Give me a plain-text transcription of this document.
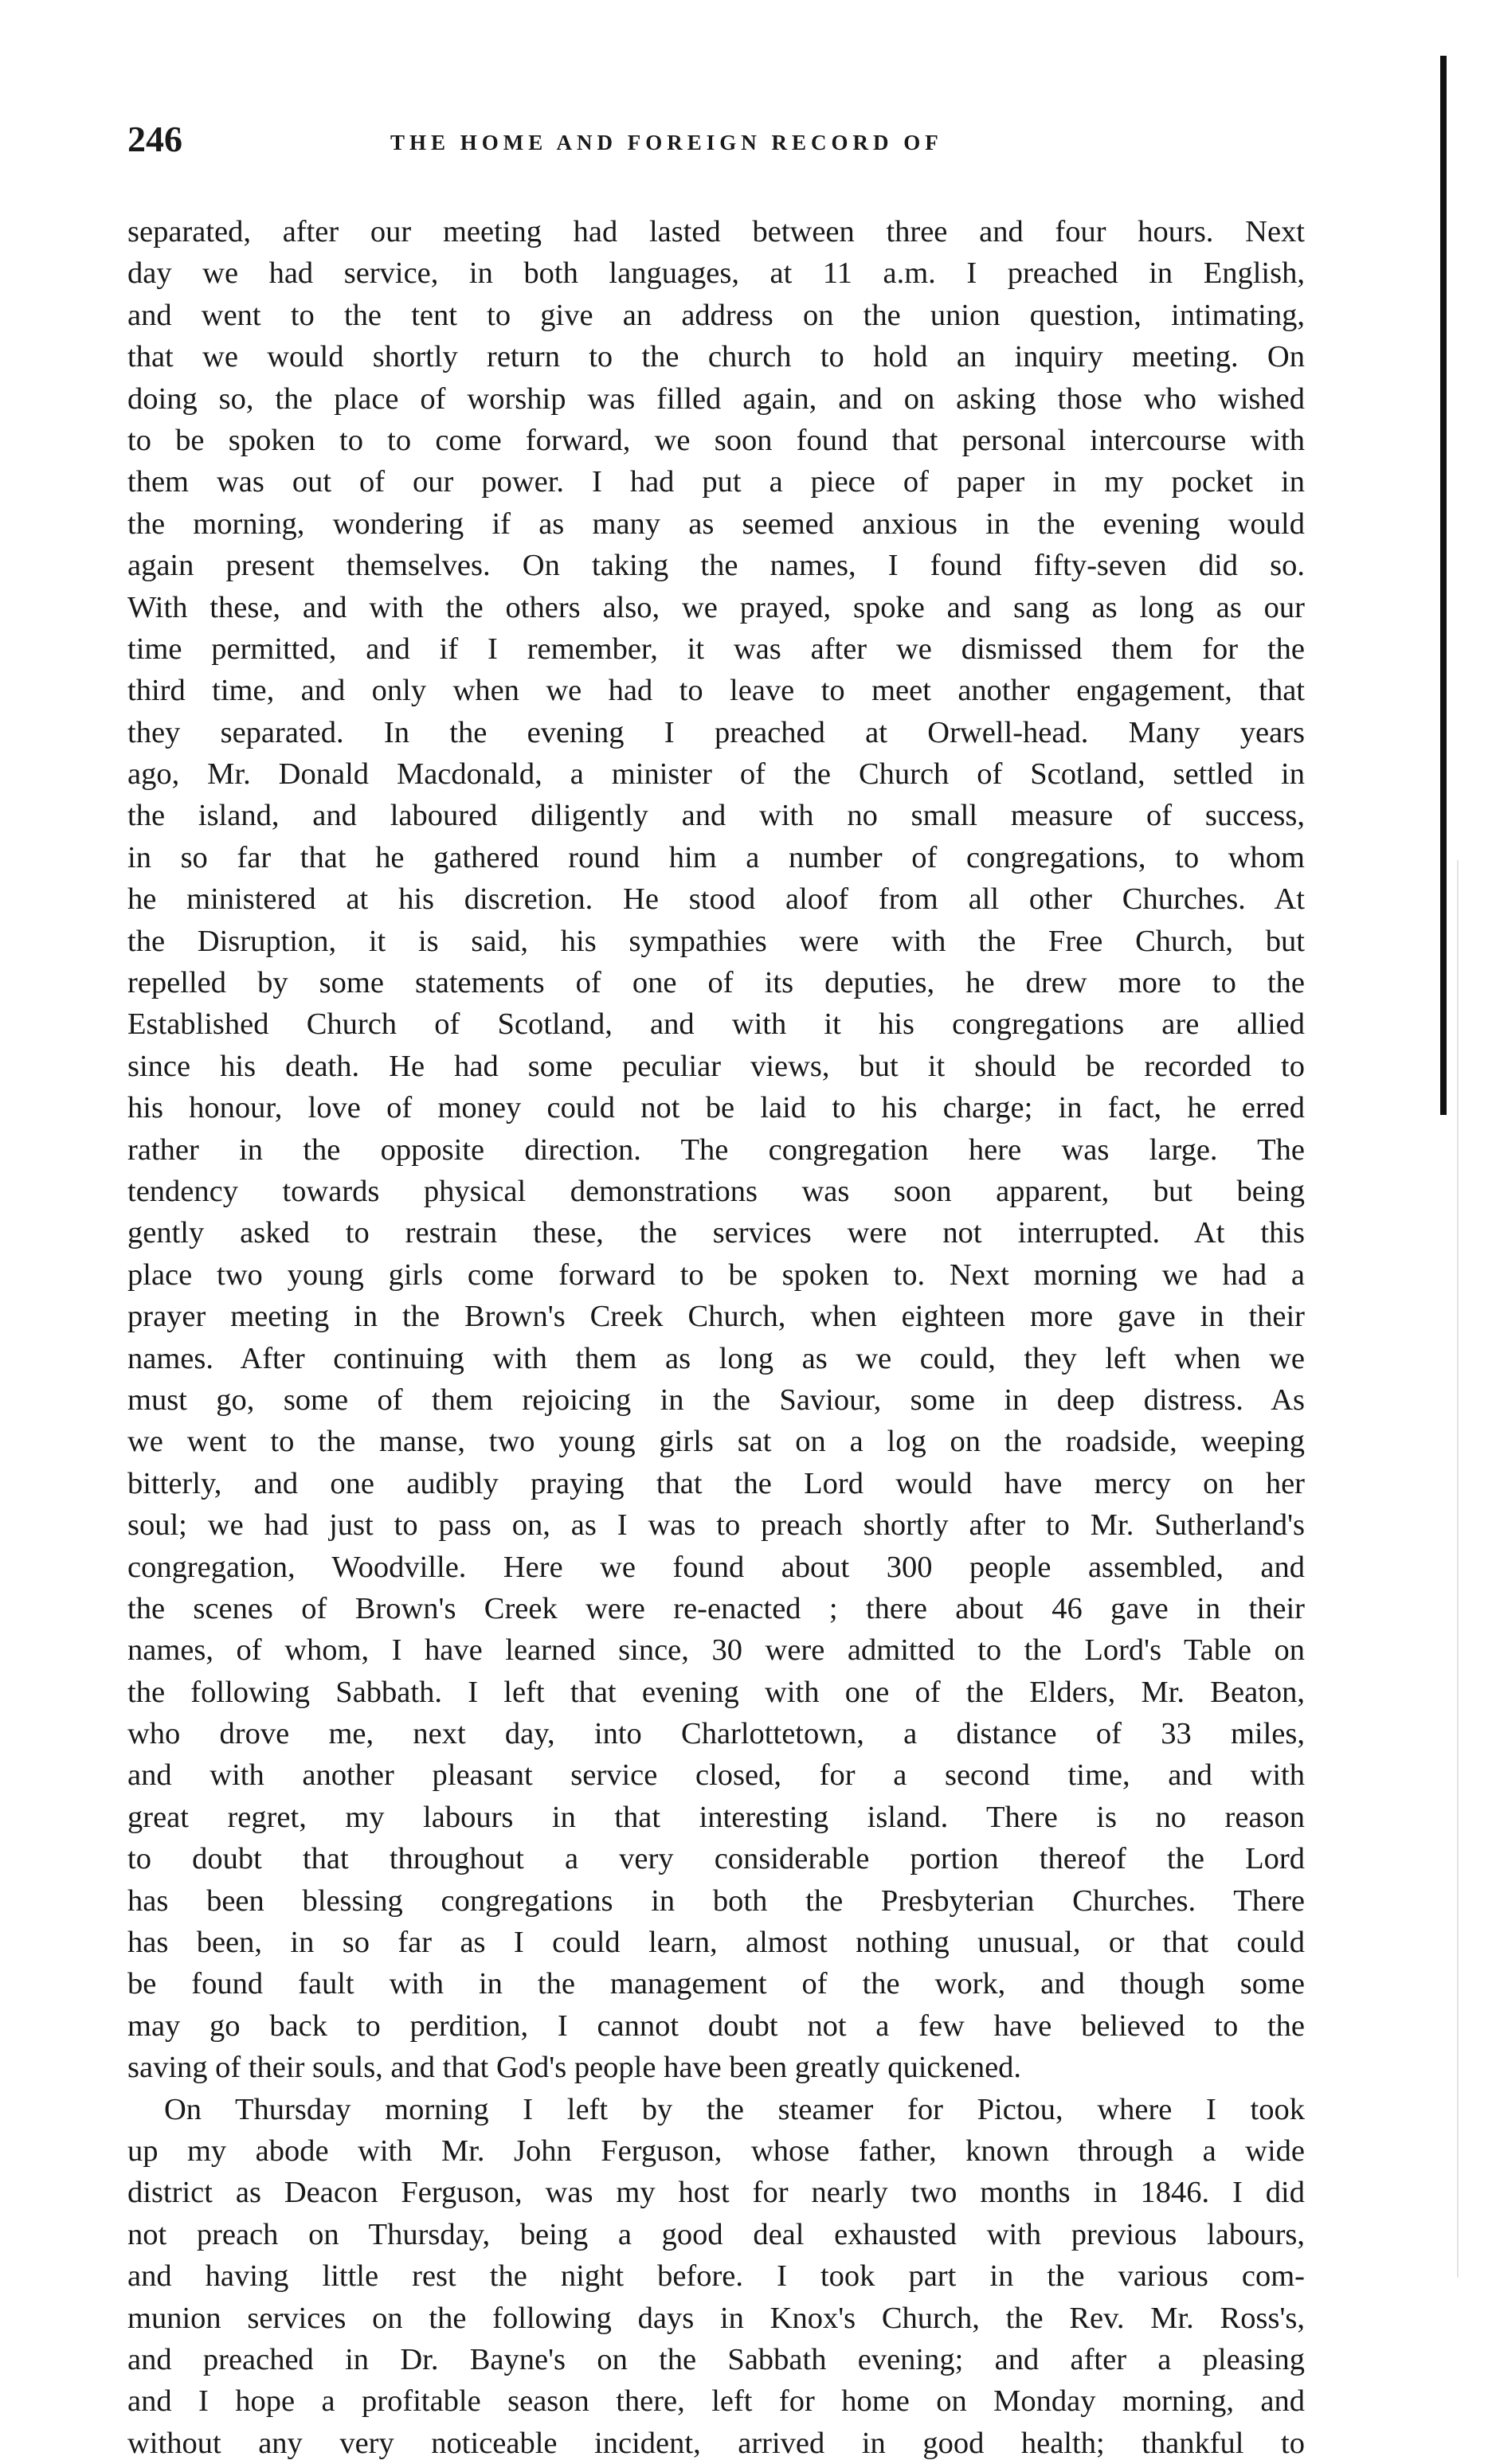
246	THE HOME AND FOREIGN RECORD OF
separated, after our meeting had lasted between three and four hours. Next
day we had service, in both languages, at 11 a.m. I preached in English,
and went to the tent to give an address on the union question, intimating,
that we would shortly return to the church to hold an inquiry meeting. On
doing so, the place of worship was filled again, and on asking those who wished
to be spoken to to come forward, we soon found that personal intercourse with
them was out of our power. I had put a piece of paper in my pocket in
the morning, wondering if as many as seemed anxious in the evening would
again present themselves. On taking the names, I found fifty-seven did so.
With these, and with the others also, we prayed, spoke and sang as long as our
time permitted, and if I remember, it was after we dismissed them for the
third time, and only when we had to leave to meet another engagement, that
they separated. In the evening I preached at Orwell-head. Many years
ago, Mr. Donald Macdonald, a minister of the Church of Scotland, settled in
the island, and laboured diligently and with no small measure of success,
in so far that he gathered round him a number of congregations, to whom
he ministered at his discretion. He stood aloof from all other Churches. At
the Disruption, it is said, his sympathies were with the Free Church, but
repelled by some statements of one of its deputies, he drew more to the
Established Church of Scotland, and with it his congregations are allied
since his death. He had some peculiar views, but it should be recorded to
his honour, love of money could not be laid to his charge; in fact, he erred
rather in the opposite direction. The congregation here was large. The
tendency towards physical demonstrations was soon apparent, but being
gently asked to restrain these, the services were not interrupted. At this
place two young girls come forward to be spoken to. Next morning we had a
prayer meeting in the Brown's Creek Church, when eighteen more gave in their
names. After continuing with them as long as we could, they left when we
must go, some of them rejoicing in the Saviour, some in deep distress. As
we went to the manse, two young girls sat on a log on the roadside, weeping
bitterly, and one audibly praying that the Lord would have mercy on her
soul; we had just to pass on, as I was to preach shortly after to Mr. Sutherland's
congregation, Woodville. Here we found about 300 people assembled, and
the scenes of Brown's Creek were re-enacted ; there about 46 gave in their
names, of whom, I have learned since, 30 were admitted to the Lord's Table on
the following Sabbath. I left that evening with one of the Elders, Mr. Beaton,
who drove me, next day, into Charlottetown, a distance of 33 miles,
and with another pleasant service closed, for a second time, and with
great regret, my labours in that interesting island. There is no reason
to doubt that throughout a very considerable portion thereof the Lord
has been blessing congregations in both the Presbyterian Churches. There
has been, in so far as I could learn, almost nothing unusual, or that could
be found fault with in the management of the work, and though some
may go back to perdition, I cannot doubt not a few have believed to the
saving of their souls, and that God's people have been greatly quickened.
On Thursday morning I left by the steamer for Pictou, where I took
up my abode with Mr. John Ferguson, whose father, known through a wide
district as Deacon Ferguson, was my host for nearly two months in 1846. I did
not preach on Thursday, being a good deal exhausted with previous labours,
and having little rest the night before. I took part in the various com-
munion services on the following days in Knox's Church, the Rev. Mr. Ross's,
and preached in Dr. Bayne's on the Sabbath evening; and after a pleasing
and I hope a profitable season there, left for home on Monday morning, and
without any very noticeable incident, arrived in good health; thankful to
